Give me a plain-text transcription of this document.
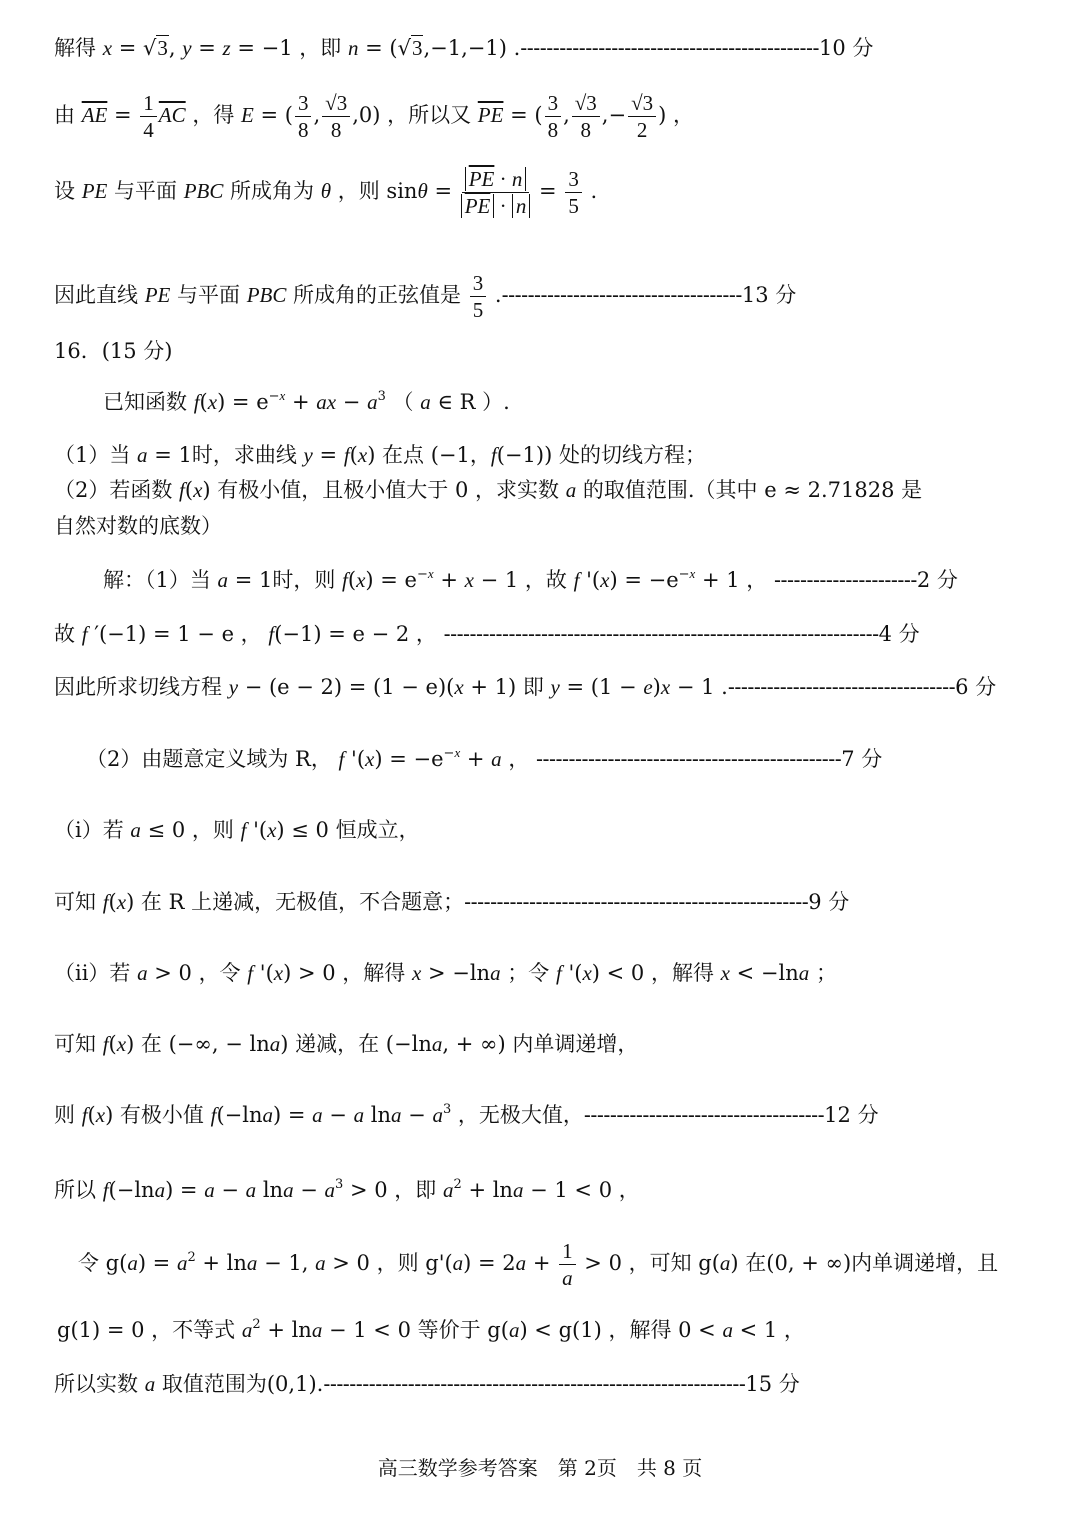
解得 x = √3, y = z = −1 ，即 n = (√3,−1,−1) .----------------------------------------------10 分
由 $\overline{AE} = \frac{1}{4} \overline{AC}$ ，得 E = ( $\frac{3}{8}$ , $\frac{√3}{8} ,0$) ，所以又 $\overline{PE}$ = ( $\frac{3}{8}$ , $\frac{√3}{8}$ ,− $\frac{√3}{2}$ ) ，
设 PE 与平面 PBC 所成角为 θ ，则 $\sin\theta = \frac{\overline{PE} \cdot n}{\overline{PE} \cdot n} = \frac{3}{5}$ .
因此直线 PE 与平面 PBC 所成角的正弦值是 $\frac{3}{5} .-------------------------------------13$ 分
16．(15 分)
已知函数 $f(x) = e^{-x}$ + ax − $a^3$ （ a ∈ R ）.
（1）当 a = 1时，求曲线 y = f(x) 在点 (−1，f(−1)) 处的切线方程；
（2）若函数 f(x) 有极小值，且极小值大于 0 ，求实数 a 的取值范围.（其中 e ≈ 2.71828 是
自然对数的底数）
解：（1）当 a = 1时，则 $f(x) = e^{-x} + x - 1$ ，故 f '$(x) = -e^{-x} + 1$ ， ----------------------2 分
故 f ′(−1) = 1 − e ， f(−1) = e − 2 ， -------------------------------------------------------------------4 分
因此所求切线方程 y − (e − 2) = (1 − e)(x + 1) 即 y = (1 − e)x − 1 .-----------------------------------6 分
（2）由题意定义域为 R， f '$(x) = -e^{-x} + a$ ， -----------------------------------------------7 分
（i）若 a ≤ 0 ，则 f '(x) ≤ 0 恒成立，
可知 f(x) 在 R 上递减，无极值，不合题意；-----------------------------------------------------9 分
（ii）若 a > 0 ，令 f '(x) > 0 ，解得 x > −lna ；令 f '(x) < 0 ，解得 x < −lna ；
可知 f(x) 在 (−∞, − lna) 递减，在 (−lna, + ∞) 内单调递增，
则 f(x) 有极小值 f(−lna) = a − a $\ln a - a^3$ ，无极大值，-------------------------------------12 分
所以 f(−lna) = a − a $\ln a - a^3 > 0$ ，即 $a^2 + \ln a - 1 < 0$ ，
令 $g(a) = a^2 + \ln a - 1$, a > 0 ，则 $g'(a) = 2a + \frac{1}{a} > 0$ ，可知 g(a) 在(0, + ∞)内单调递增，且
g(1) = 0 ，不等式 $a^2 + \ln a - 1 < 0$ 等价于 g(a) < g(1) ，解得 0 < a < 1 ，
所以实数 a 取值范围为(0,1).-----------------------------------------------------------------15 分
高三数学参考答案　第 2页　共 8 页
